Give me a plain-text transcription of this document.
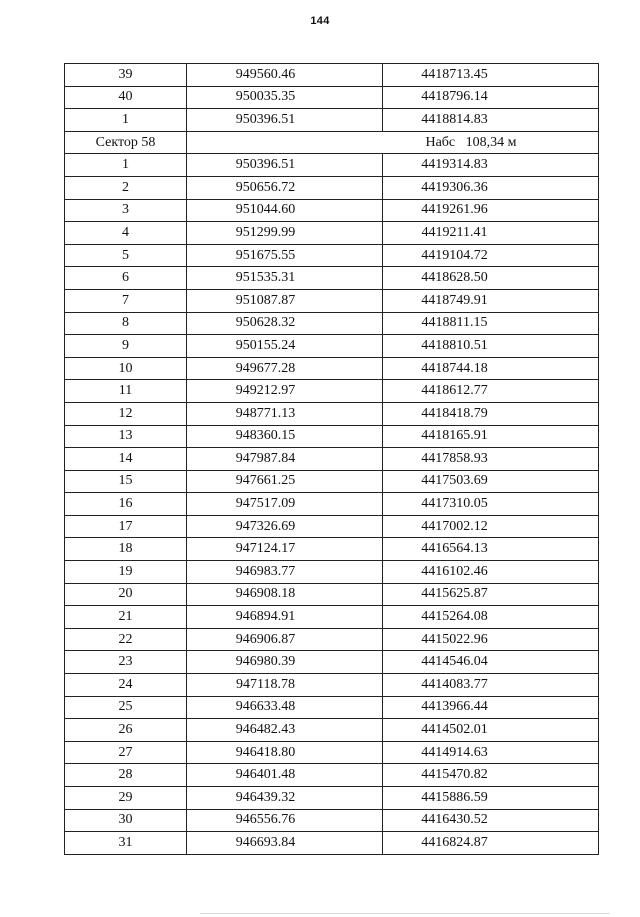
144
39	949560.46	4418713.45
40	950035.35	4418796.14
1	950396.51	4418814.83
Сектор 58	Набс   108,34 м	
1	950396.51	4419314.83
2	950656.72	4419306.36
3	951044.60	4419261.96
4	951299.99	4419211.41
5	951675.55	4419104.72
6	951535.31	4418628.50
7	951087.87	4418749.91
8	950628.32	4418811.15
9	950155.24	4418810.51
10	949677.28	4418744.18
11	949212.97	4418612.77
12	948771.13	4418418.79
13	948360.15	4418165.91
14	947987.84	4417858.93
15	947661.25	4417503.69
16	947517.09	4417310.05
17	947326.69	4417002.12
18	947124.17	4416564.13
19	946983.77	4416102.46
20	946908.18	4415625.87
21	946894.91	4415264.08
22	946906.87	4415022.96
23	946980.39	4414546.04
24	947118.78	4414083.77
25	946633.48	4413966.44
26	946482.43	4414502.01
27	946418.80	4414914.63
28	946401.48	4415470.82
29	946439.32	4415886.59
30	946556.76	4416430.52
31	946693.84	4416824.87
